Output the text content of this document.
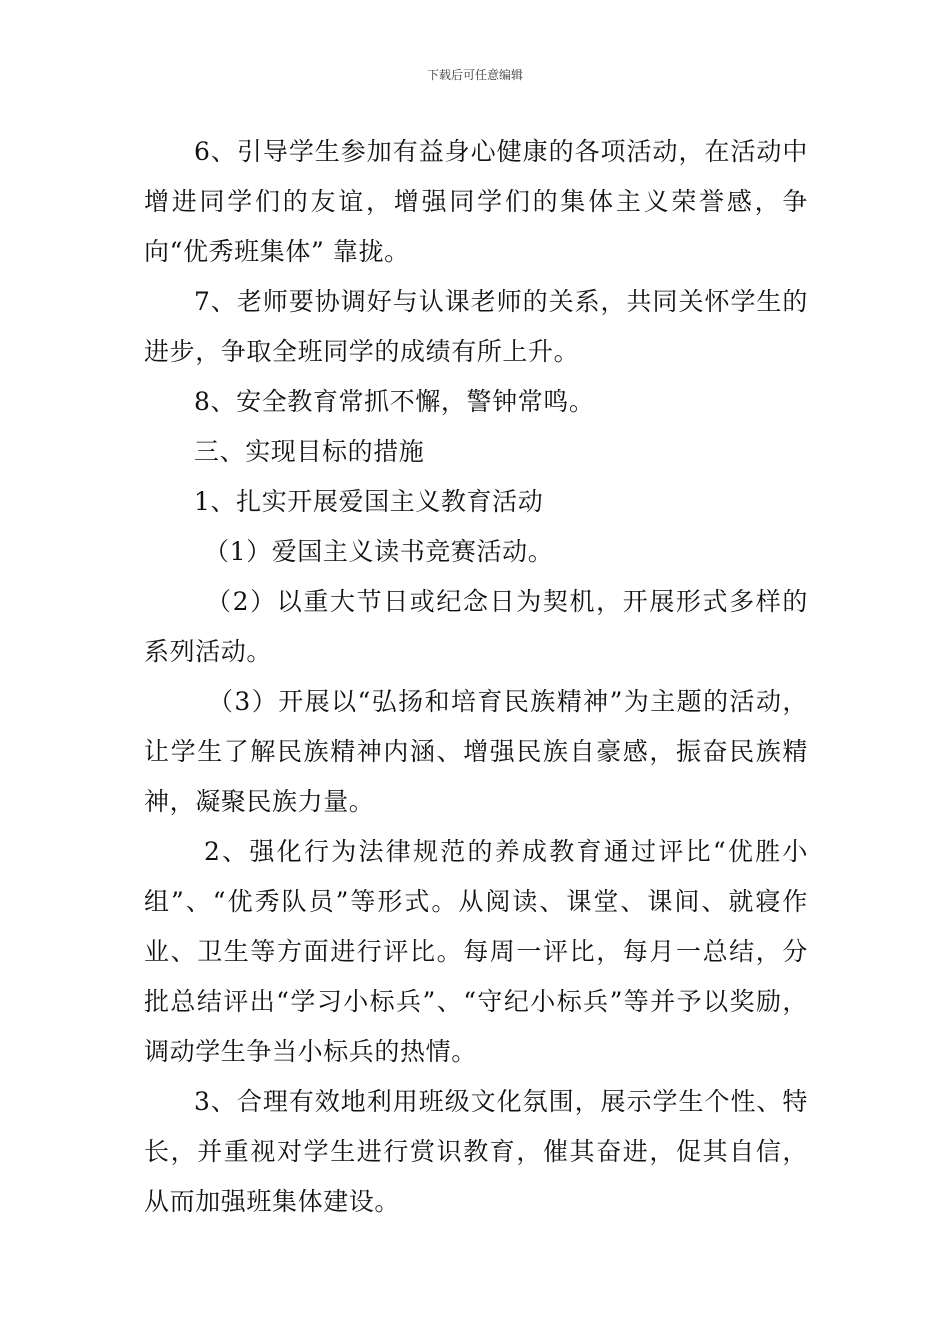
下载后可任意编辑

6、引导学生参加有益身心健康的各项活动，在活动中增进同学们的友谊，增强同学们的集体主义荣誉感，争向“优秀班集体” 靠拢。

7、老师要协调好与认课老师的关系，共同关怀学生的进步，争取全班同学的成绩有所上升。

8、安全教育常抓不懈，警钟常鸣。

三、实现目标的措施

1、扎实开展爱国主义教育活动

（1）爱国主义读书竞赛活动。

（2）以重大节日或纪念日为契机，开展形式多样的系列活动。

（3）开展以“弘扬和培育民族精神”为主题的活动，让学生了解民族精神内涵、增强民族自豪感，振奋民族精神，凝聚民族力量。

2、强化行为法律规范的养成教育通过评比“优胜小组”、“优秀队员”等形式。从阅读、课堂、课间、就寝作业、卫生等方面进行评比。每周一评比，每月一总结，分批总结评出“学习小标兵”、“守纪小标兵”等并予以奖励，调动学生争当小标兵的热情。

3、合理有效地利用班级文化氛围，展示学生个性、特长，并重视对学生进行赏识教育，催其奋进，促其自信，从而加强班集体建设。
